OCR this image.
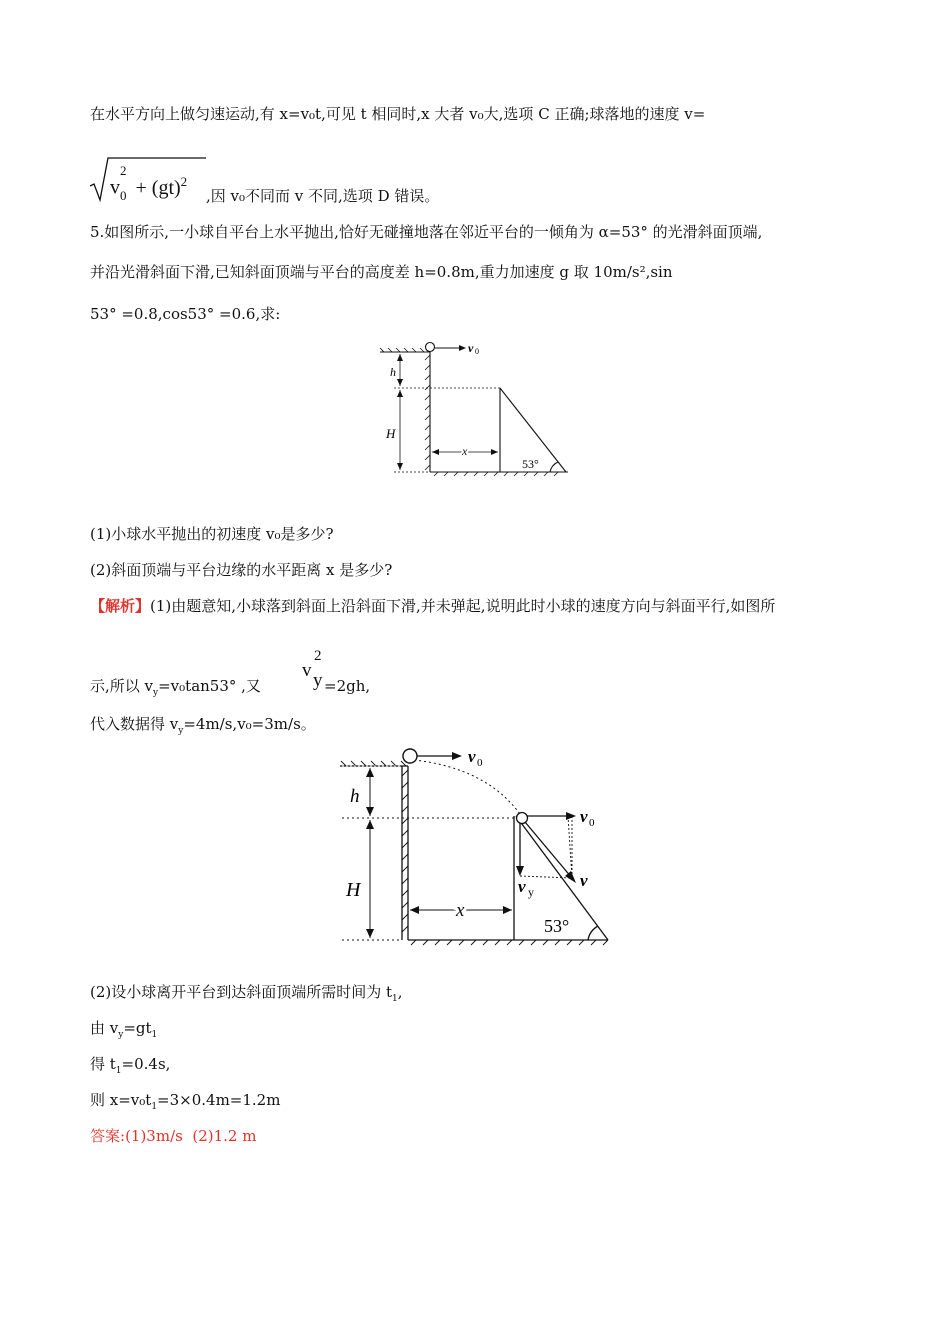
在水平方向上做匀速运动,有 x=v₀t,可见 t 相同时,x 大者 v₀大,选项 C 正确;球落地的速度 v=
v
2
$_0$ + (gt)$^2$
,因 v₀不同而 v 不同,选项 D 错误。
5.如图所示,一小球自平台上水平抛出,恰好无碰撞地落在邻近平台的一倾角为 α=53° 的光滑斜面顶端,
并沿光滑斜面下滑,已知斜面顶端与平台的高度差 h=0.8m,重力加速度 g 取 10m/s²,sin
53° =0.8,cos53° =0.6,求:
v 0
h
H
x
53°
(1)小球水平抛出的初速度 v₀是多少?
(2)斜面顶端与平台边缘的水平距离 x 是多少?
【解析】(1)由题意知,小球落到斜面上沿斜面下滑,并未弹起,说明此时小球的速度方向与斜面平行,如图所
示,所以 $v_y=v_0\tan 53^\circ$ ,又
v
2
y =2gh,
代入数据得 $v_y=4m/s,v_0=3m/s$。
v 0
v 0
v
v y
h
H
x
53°
(2)设小球离开平台到达斜面顶端所需时间为 $t_1$,
由 $v_y=gt_1$
得 $t_1=0.4s$,
则 $x=v_0t_1=3\times 0.4m=1.2m$
答案:(1)3m/s  (2)1.2 m
